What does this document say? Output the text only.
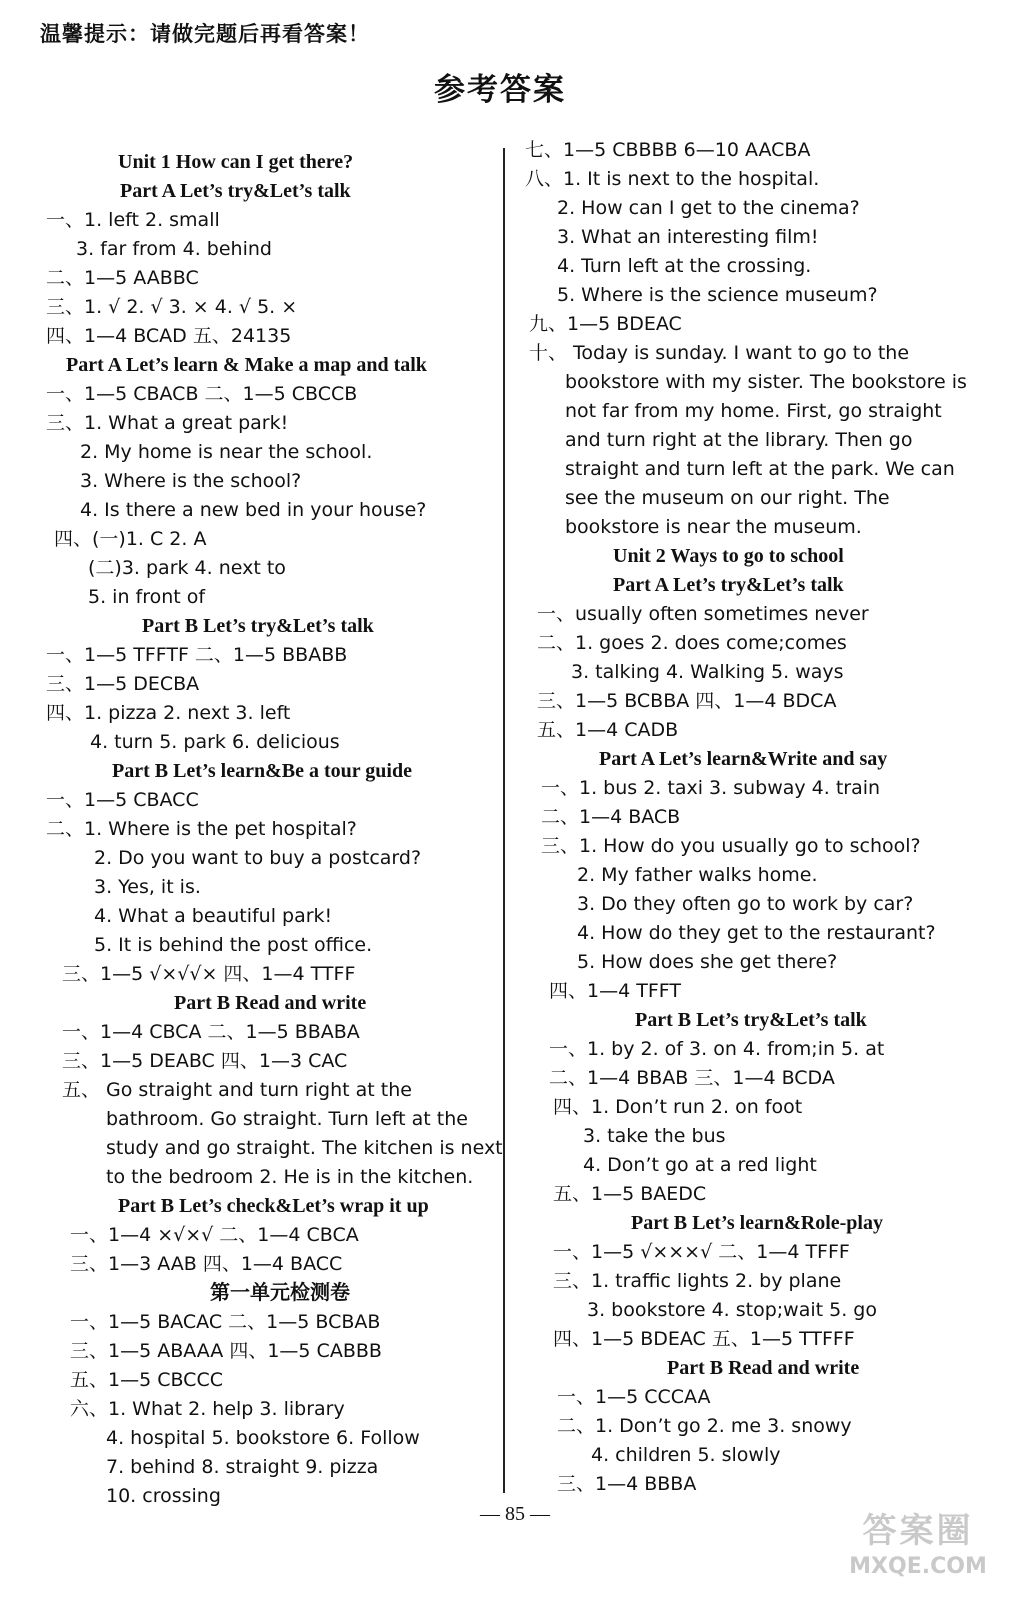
温馨提示：请做完题后再看答案！
参考答案
Unit 1 How can I get there?
Part A Let’s try&Let’s talk
一、1. left 2. small
3. far from 4. behind
二、1—5 AABBC
三、1. √ 2. √ 3. × 4. √ 5. ×
四、1—4 BCAD 五、24135
Part A Let’s learn & Make a map and talk
一、1—5 CBACB 二、1—5 CBCCB
三、1. What a great park!
2. My home is near the school.
3. Where is the school?
4. Is there a new bed in your house?
四、(一)1. C 2. A
(二)3. park 4. next to
5. in front of
Part B Let’s try&Let’s talk
一、1—5 TFFTF 二、1—5 BBABB
三、1—5 DECBA
四、1. pizza 2. next 3. left
4. turn 5. park 6. delicious
Part B Let’s learn&Be a tour guide
一、1—5 CBACC
二、1. Where is the pet hospital?
2. Do you want to buy a postcard?
3. Yes, it is.
4. What a beautiful park!
5. It is behind the post office.
三、1—5 √×√√× 四、1—4 TTFF
Part B Read and write
一、1—4 CBCA 二、1—5 BBABA
三、1—5 DEABC 四、1—3 CAC
五、 Go straight and turn right at the
bathroom. Go straight. Turn left at the
study and go straight. The kitchen is next
to the bedroom 2. He is in the kitchen.
Part B Let’s check&Let’s wrap it up
一、1—4 ×√×√ 二、1—4 CBCA
三、1—3 AAB 四、1—4 BACC
第一单元检测卷
一、1—5 BACAC 二、1—5 BCBAB
三、1—5 ABAAA 四、1—5 CABBB
五、1—5 CBCCC
六、1. What 2. help 3. library
4. hospital 5. bookstore 6. Follow
7. behind 8. straight 9. pizza
10. crossing
七、1—5 CBBBB 6—10 AACBA
八、1. It is next to the hospital.
2. How can I get to the cinema?
3. What an interesting film!
4. Turn left at the crossing.
5. Where is the science museum?
九、1—5 BDEAC
十、 Today is sunday. I want to go to the
bookstore with my sister. The bookstore is
not far from my home. First, go straight
and turn right at the library. Then go
straight and turn left at the park. We can
see the museum on our right. The
bookstore is near the museum.
Unit 2 Ways to go to school
Part A Let’s try&Let’s talk
一、usually often sometimes never
二、1. goes 2. does come;comes
3. talking 4. Walking 5. ways
三、1—5 BCBBA 四、1—4 BDCA
五、1—4 CADB
Part A Let’s learn&Write and say
一、1. bus 2. taxi 3. subway 4. train
二、1—4 BACB
三、1. How do you usually go to school?
2. My father walks home.
3. Do they often go to work by car?
4. How do they get to the restaurant?
5. How does she get there?
四、1—4 TFFT
Part B Let’s try&Let’s talk
一、1. by 2. of 3. on 4. from;in 5. at
二、1—4 BBAB 三、1—4 BCDA
四、1. Don’t run 2. on foot
3. take the bus
4. Don’t go at a red light
五、1—5 BAEDC
Part B Let’s learn&Role-play
一、1—5 √×××√ 二、1—4 TFFF
三、1. traffic lights 2. by plane
3. bookstore 4. stop;wait 5. go
四、1—5 BDEAC 五、1—5 TTFFF
Part B Read and write
一、1—5 CCCAA
二、1. Don’t go 2. me 3. snowy
4. children 5. slowly
三、1—4 BBBA
— 85 —	答案圈
MXQE.COM
